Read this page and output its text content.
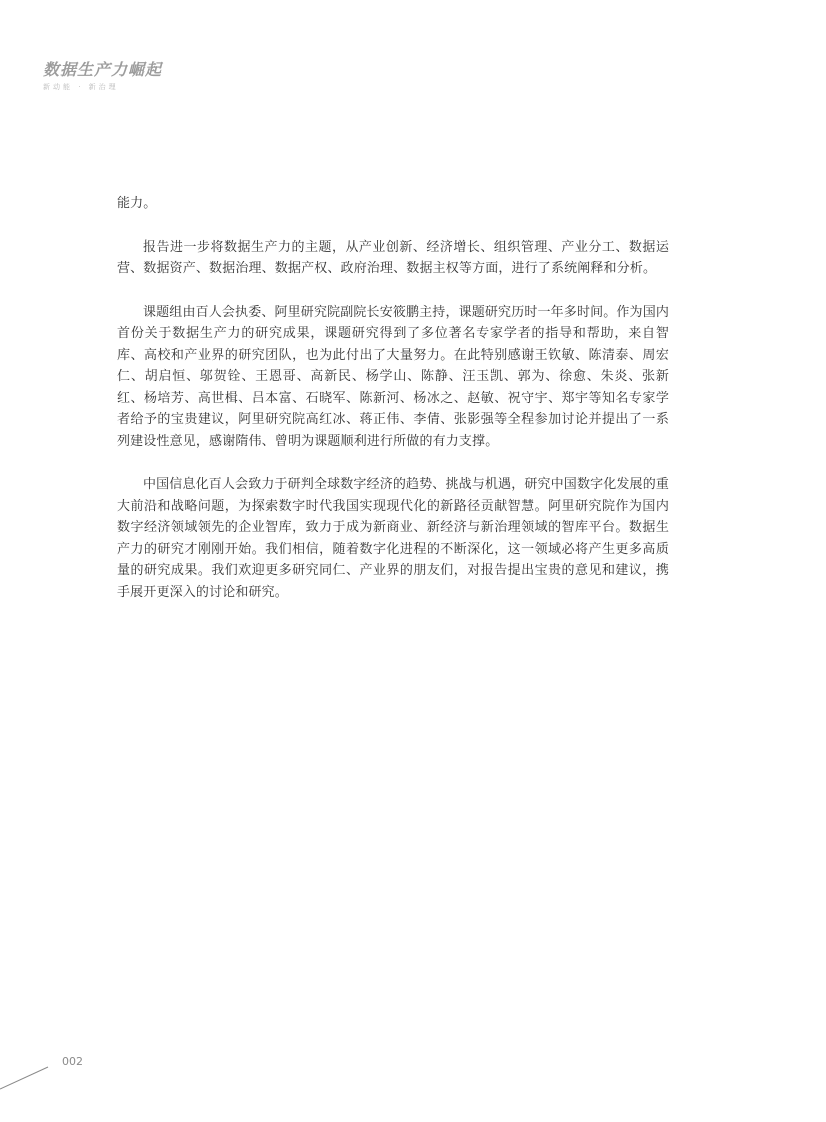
数据生产力崛起
新动能 · 新治理

能力。

报告进一步将数据生产力的主题，从产业创新、经济增长、组织管理、产业分工、数据运营、数据资产、数据治理、数据产权、政府治理、数据主权等方面，进行了系统阐释和分析。

课题组由百人会执委、阿里研究院副院长安筱鹏主持，课题研究历时一年多时间。作为国内首份关于数据生产力的研究成果，课题研究得到了多位著名专家学者的指导和帮助，来自智库、高校和产业界的研究团队，也为此付出了大量努力。在此特别感谢王钦敏、陈清泰、周宏仁、胡启恒、邬贺铨、王恩哥、高新民、杨学山、陈静、汪玉凯、郭为、徐愈、朱炎、张新红、杨培芳、高世楫、吕本富、石晓军、陈新河、杨冰之、赵敏、祝守宇、郑宇等知名专家学者给予的宝贵建议，阿里研究院高红冰、蒋正伟、李倩、张影强等全程参加讨论并提出了一系列建设性意见，感谢隋伟、曾明为课题顺利进行所做的有力支撑。

中国信息化百人会致力于研判全球数字经济的趋势、挑战与机遇，研究中国数字化发展的重大前沿和战略问题，为探索数字时代我国实现现代化的新路径贡献智慧。阿里研究院作为国内数字经济领域领先的企业智库，致力于成为新商业、新经济与新治理领域的智库平台。数据生产力的研究才刚刚开始。我们相信，随着数字化进程的不断深化，这一领域必将产生更多高质量的研究成果。我们欢迎更多研究同仁、产业界的朋友们，对报告提出宝贵的意见和建议，携手展开更深入的讨论和研究。

002
